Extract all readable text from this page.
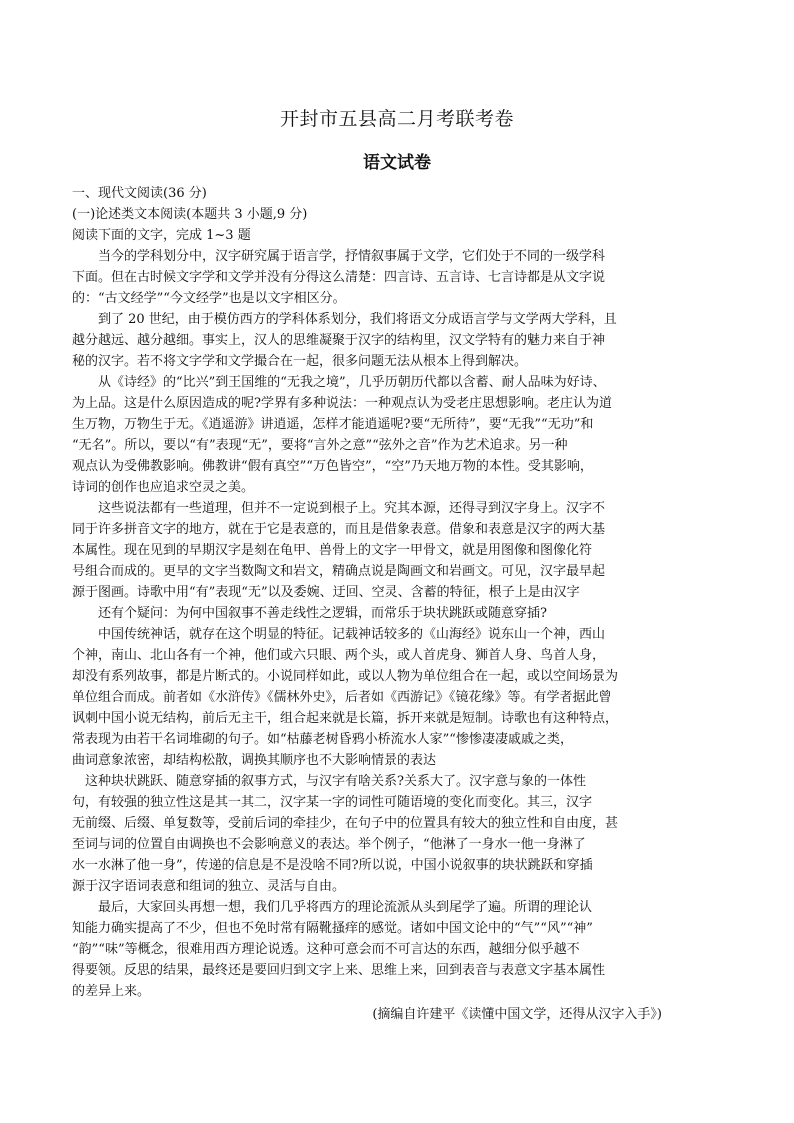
开封市五县高二月考联考卷
语文试卷
一、现代文阅读(36 分)
(一)论述类文本阅读(本题共 3 小题,9 分)
阅读下面的文字，完成 1~3 题
当今的学科划分中，汉字研究属于语言学，抒情叙事属于文学，它们处于不同的一级学科
下面。但在古时候文字学和文学并没有分得这么清楚：四言诗、五言诗、七言诗都是从文字说
的：“古文经学”“今文经学”也是以文字相区分。
到了 20 世纪，由于模仿西方的学科体系划分，我们将语文分成语言学与文学两大学科，且
越分越远、越分越细。事实上，汉人的思维凝聚于汉字的结构里，汉文学特有的魅力来自于神
秘的汉字。若不将文字学和文学撮合在一起，很多问题无法从根本上得到解决。
从《诗经》的“比兴”到王国维的“无我之境”，几乎历朝历代都以含蓄、耐人品味为好诗、
为上品。这是什么原因造成的呢?学界有多种说法：一种观点认为受老庄思想影响。老庄认为道
生万物，万物生于无。《逍遥游》讲逍遥，怎样才能逍遥呢?要“无所待”，要“无我”“无功”和
“无名”。所以，要以“有”表现“无”，要将“言外之意”“弦外之音”作为艺术追求。另一种
观点认为受佛教影响。佛教讲“假有真空”“万色皆空”，“空”乃天地万物的本性。受其影响，
诗词的创作也应追求空灵之美。
这些说法都有一些道理，但并不一定说到根子上。究其本源，还得寻到汉字身上。汉字不
同于许多拼音文字的地方，就在于它是表意的，而且是借象表意。借象和表意是汉字的两大基
本属性。现在见到的早期汉字是刻在龟甲、兽骨上的文字一甲骨文，就是用图像和图像化符
号组合而成的。更早的文字当数陶文和岩文，精确点说是陶画文和岩画文。可见，汉字最早起
源于图画。诗歌中用“有”表现“无”以及委婉、迂回、空灵、含蓄的特征，根子上是由汉字
还有个疑问：为何中国叙事不善走线性之逻辑，而常乐于块状跳跃或随意穿插?
中国传统神话，就存在这个明显的特征。记载神话较多的《山海经》说东山一个神，西山
个神，南山、北山各有一个神，他们或六只眼、两个头，或人首虎身、狮首人身、鸟首人身，
却没有系列故事，都是片断式的。小说同样如此，或以人物为单位组合在一起，或以空间场景为
单位组合而成。前者如《水浒传》《儒林外史》，后者如《西游记》《镜花缘》等。有学者据此曾
讽刺中国小说无结构，前后无主干，组合起来就是长篇，拆开来就是短制。诗歌也有这种特点，
常表现为由若干名词堆砌的句子。如“枯藤老树昏鸦小桥流水人家”“惨惨凄凄戚戚之类，
曲词意象浓密，却结构松散，调换其顺序也不大影响情景的表达
这种块状跳跃、随意穿插的叙事方式，与汉字有啥关系?关系大了。汉字意与象的一体性
句，有较强的独立性这是其一其二，汉字某一字的词性可随语境的变化而变化。其三，汉字
无前缀、后缀、单复数等，受前后词的牵挂少，在句子中的位置具有较大的独立性和自由度，甚
至词与词的位置自由调换也不会影响意义的表达。举个例子，“他淋了一身水一他一身淋了
水一水淋了他一身”，传递的信息是不是没啥不同?所以说，中国小说叙事的块状跳跃和穿插
源于汉字语词表意和组词的独立、灵活与自由。
最后，大家回头再想一想，我们几乎将西方的理论流派从头到尾学了遍。所谓的理论认
知能力确实提高了不少，但也不免时常有隔靴搔痒的感觉。诸如中国文论中的“气”“风”“神”
“韵”“味”等概念，很难用西方理论说透。这种可意会而不可言达的东西，越细分似乎越不
得要领。反思的结果，最终还是要回归到文字上来、思维上来，回到表音与表意文字基本属性
的差异上来。
(摘编自许建平《读懂中国文学，还得从汉字入手》)
